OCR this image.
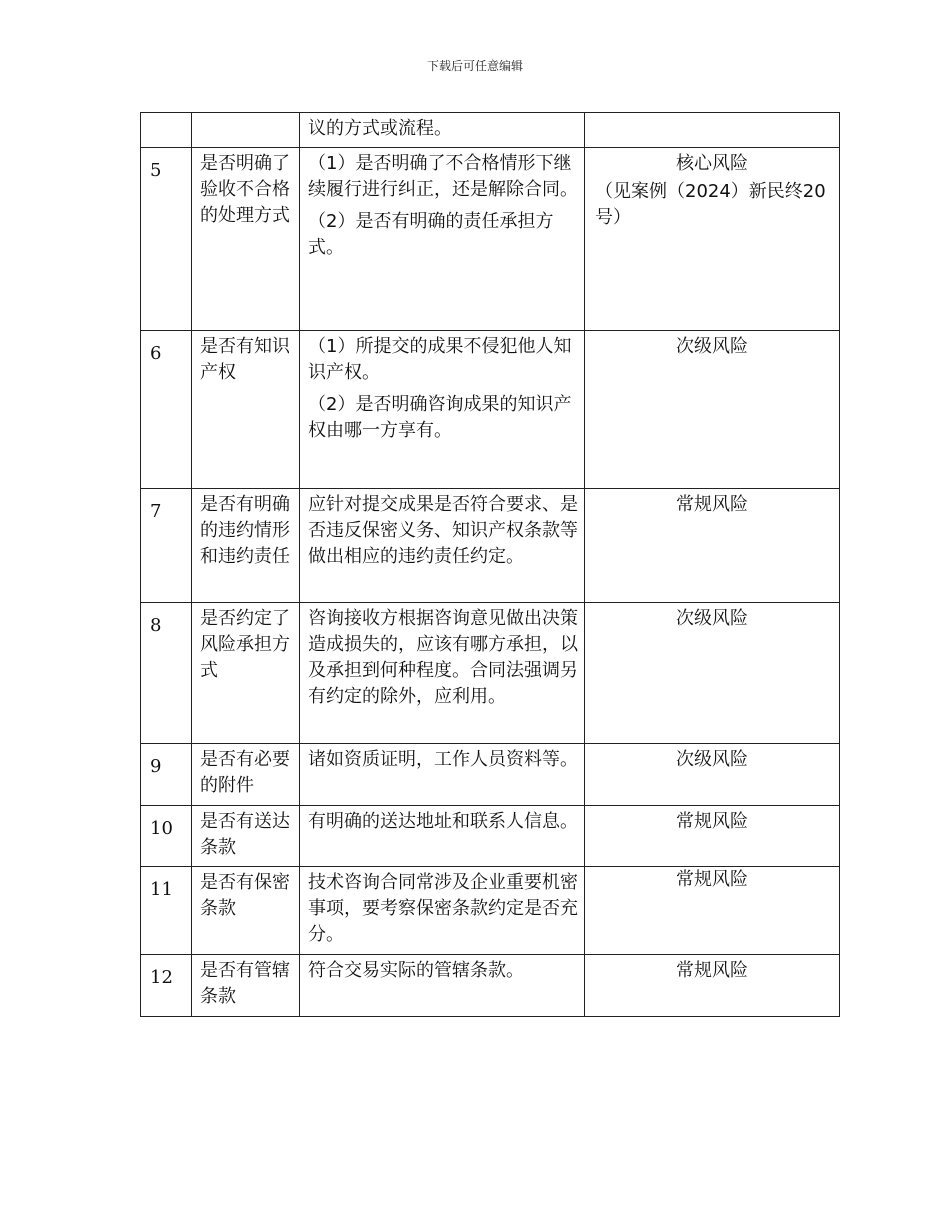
下载后可任意编辑

		议的方式或流程。	

5	是否明确了验收不合格的处理方式	（1）是否明确了不合格情形下继续履行进行纠正，还是解除合同。
（2）是否有明确的责任承担方式。	核心风险
（见案例（2024）新民终20号）

6	是否有知识产权	（1）所提交的成果不侵犯他人知识产权。
（2）是否明确咨询成果的知识产权由哪一方享有。	次级风险
7	是否有明确的违约情形和违约责任	应针对提交成果是否符合要求、是否违反保密义务、知识产权条款等做出相应的违约责任约定。	常规风险
8	是否约定了风险承担方式	咨询接收方根据咨询意见做出决策造成损失的，应该有哪方承担，以及承担到何种程度。合同法强调另有约定的除外，应利用。	次级风险
9	是否有必要的附件	诸如资质证明，工作人员资料等。	次级风险
10	是否有送达条款	有明确的送达地址和联系人信息。	常规风险
11	是否有保密条款	技术咨询合同常涉及企业重要机密事项，要考察保密条款约定是否充分。	常规风险
12	是否有管辖条款	符合交易实际的管辖条款。	常规风险
